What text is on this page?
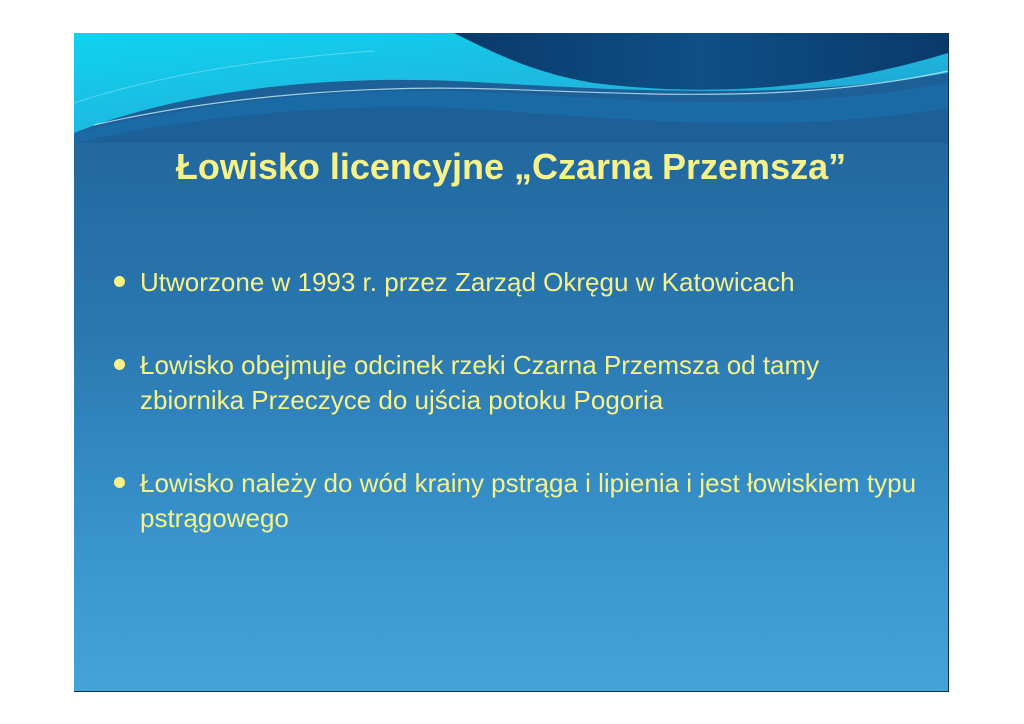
Łowisko licencyjne „Czarna Przemsza”
Utworzone w 1993 r. przez Zarząd Okręgu w Katowicach
Łowisko obejmuje odcinek rzeki Czarna Przemsza od tamy zbiornika Przeczyce do ujścia potoku Pogoria
Łowisko należy do wód krainy pstrąga i lipienia i jest łowiskiem typu pstrągowego
